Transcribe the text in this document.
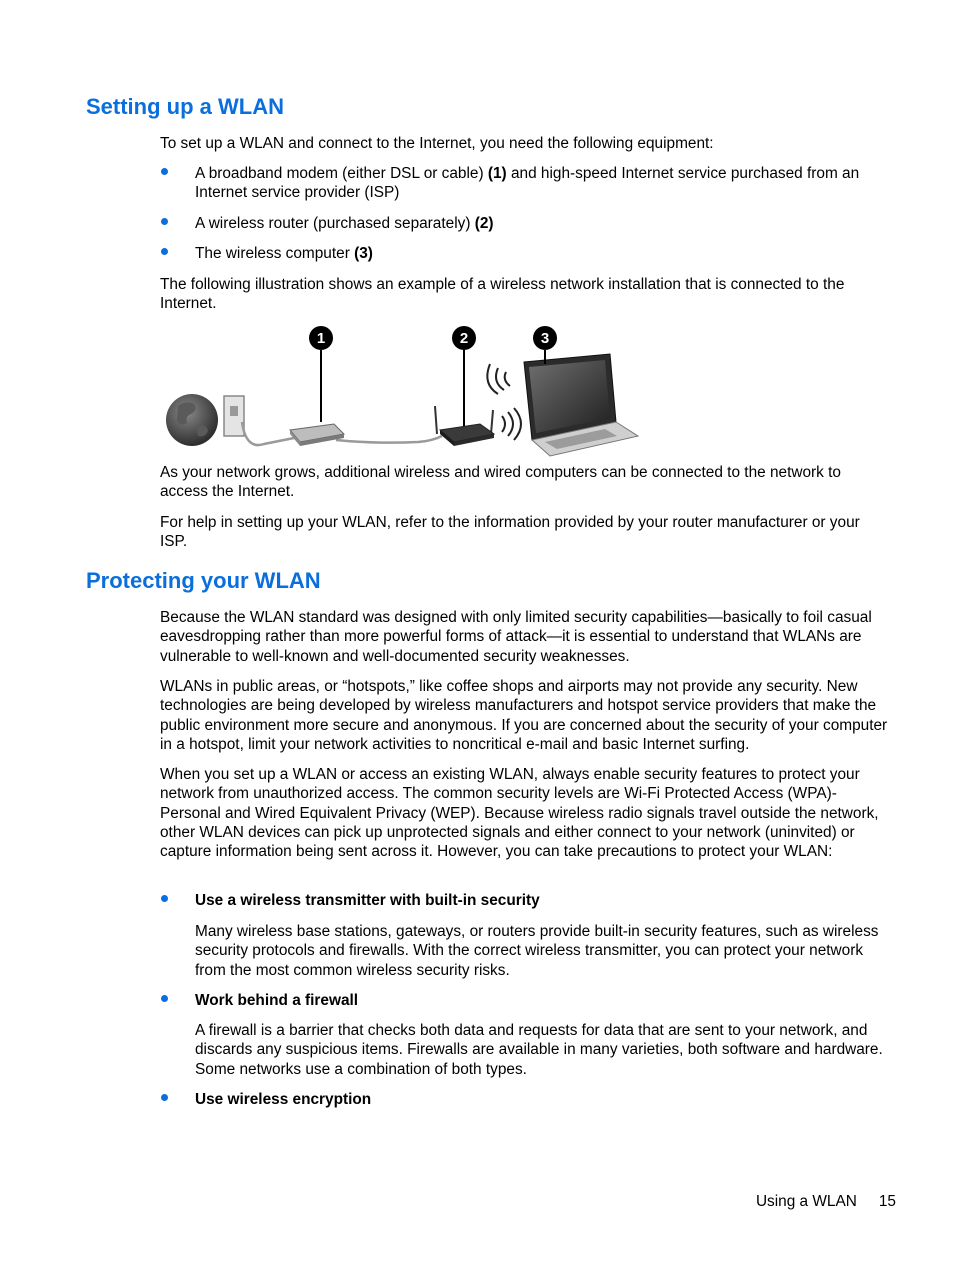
Setting up a WLAN

To set up a WLAN and connect to the Internet, you need the following equipment:

A broadband modem (either DSL or cable) (1) and high-speed Internet service purchased from an Internet service provider (ISP)
A wireless router (purchased separately) (2)
The wireless computer (3)

The following illustration shows an example of a wireless network installation that is connected to the Internet.

1	2	3

As your network grows, additional wireless and wired computers can be connected to the network to access the Internet.

For help in setting up your WLAN, refer to the information provided by your router manufacturer or your ISP.

Protecting your WLAN

Because the WLAN standard was designed with only limited security capabilities—basically to foil casual eavesdropping rather than more powerful forms of attack—it is essential to understand that WLANs are vulnerable to well-known and well-documented security weaknesses.

WLANs in public areas, or “hotspots,” like coffee shops and airports may not provide any security. New technologies are being developed by wireless manufacturers and hotspot service providers that make the public environment more secure and anonymous. If you are concerned about the security of your computer in a hotspot, limit your network activities to noncritical e-mail and basic Internet surfing.

When you set up a WLAN or access an existing WLAN, always enable security features to protect your network from unauthorized access. The common security levels are Wi-Fi Protected Access (WPA)-Personal and Wired Equivalent Privacy (WEP). Because wireless radio signals travel outside the network, other WLAN devices can pick up unprotected signals and either connect to your network (uninvited) or capture information being sent across it. However, you can take precautions to protect your WLAN:

Use a wireless transmitter with built-in security

Many wireless base stations, gateways, or routers provide built-in security features, such as wireless security protocols and firewalls. With the correct wireless transmitter, you can protect your network from the most common wireless security risks.

Work behind a firewall

A firewall is a barrier that checks both data and requests for data that are sent to your network, and discards any suspicious items. Firewalls are available in many varieties, both software and hardware. Some networks use a combination of both types.

Use wireless encryption
Using a WLAN 15
